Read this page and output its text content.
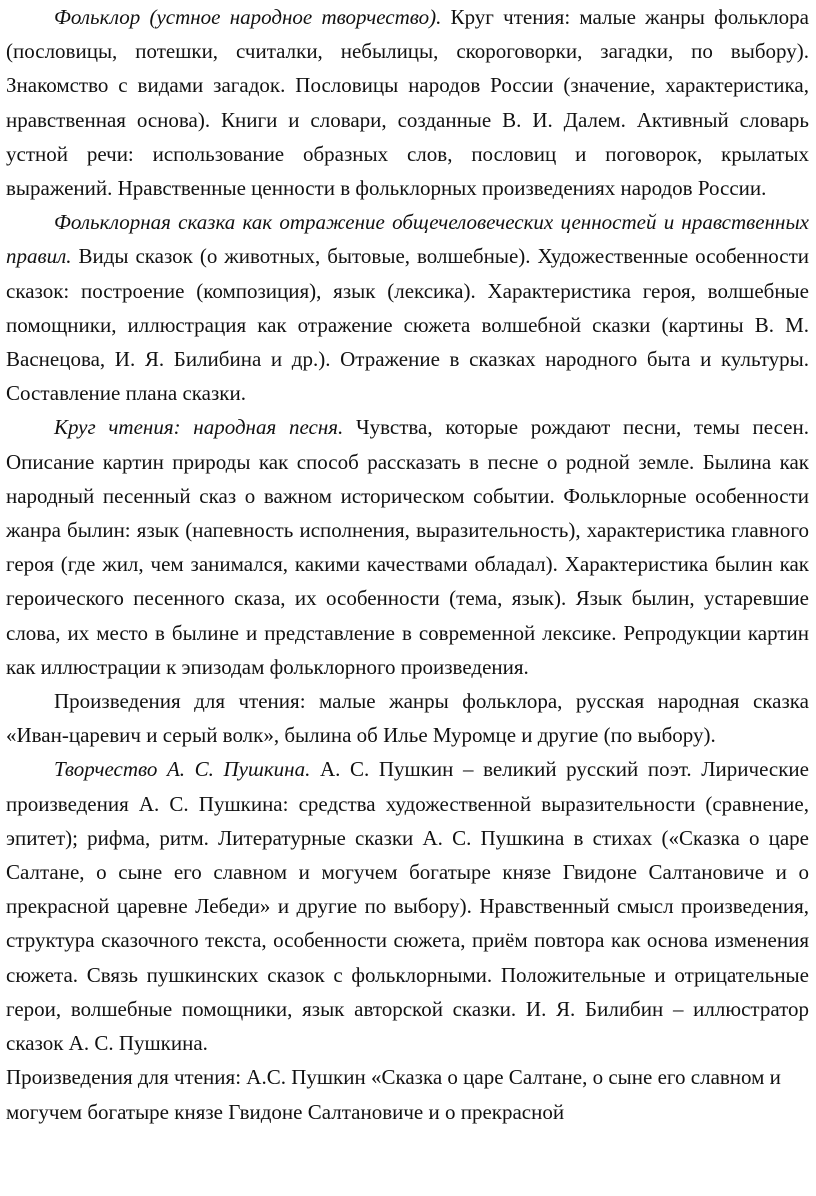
Фольклор (устное народное творчество). Круг чтения: малые жанры фольклора (пословицы, потешки, считалки, небылицы, скороговорки, загадки, по выбору). Знакомство с видами загадок. Пословицы народов России (значение, характеристика, нравственная основа). Книги и словари, созданные В. И. Далем. Активный словарь устной речи: использование образных слов, пословиц и поговорок, крылатых выражений. Нравственные ценности в фольклорных произведениях народов России.

Фольклорная сказка как отражение общечеловеческих ценностей и нравственных правил. Виды сказок (о животных, бытовые, волшебные). Художественные особенности сказок: построение (композиция), язык (лексика). Характеристика героя, волшебные помощники, иллюстрация как отражение сюжета волшебной сказки (картины В. М. Васнецова, И. Я. Билибина и др.). Отражение в сказках народного быта и культуры. Составление плана сказки.

Круг чтения: народная песня. Чувства, которые рождают песни, темы песен. Описание картин природы как способ рассказать в песне о родной земле. Былина как народный песенный сказ о важном историческом событии. Фольклорные особенности жанра былин: язык (напевность исполнения, выразительность), характеристика главного героя (где жил, чем занимался, какими качествами обладал). Характеристика былин как героического песенного сказа, их особенности (тема, язык). Язык былин, устаревшие слова, их место в былине и представление в современной лексике. Репродукции картин как иллюстрации к эпизодам фольклорного произведения.

Произведения для чтения: малые жанры фольклора, русская народная сказка «Иван-царевич и серый волк», былина об Илье Муромце и другие (по выбору).

Творчество А. С. Пушкина. А. С. Пушкин – великий русский поэт. Лирические произведения А. С. Пушкина: средства художественной выразительности (сравнение, эпитет); рифма, ритм. Литературные сказки А. С. Пушкина в стихах («Сказка о царе Салтане, о сыне его славном и могучем богатыре князе Гвидоне Салтановиче и о прекрасной царевне Лебеди» и другие по выбору). Нравственный смысл произведения, структура сказочного текста, особенности сюжета, приём повтора как основа изменения сюжета. Связь пушкинских сказок с фольклорными. Положительные и отрицательные герои, волшебные помощники, язык авторской сказки. И. Я. Билибин – иллюстратор сказок А. С. Пушкина.

Произведения для чтения: А.С. Пушкин «Сказка о царе Салтане, о сыне его славном и могучем богатыре князе Гвидоне Салтановиче и о прекрасной
